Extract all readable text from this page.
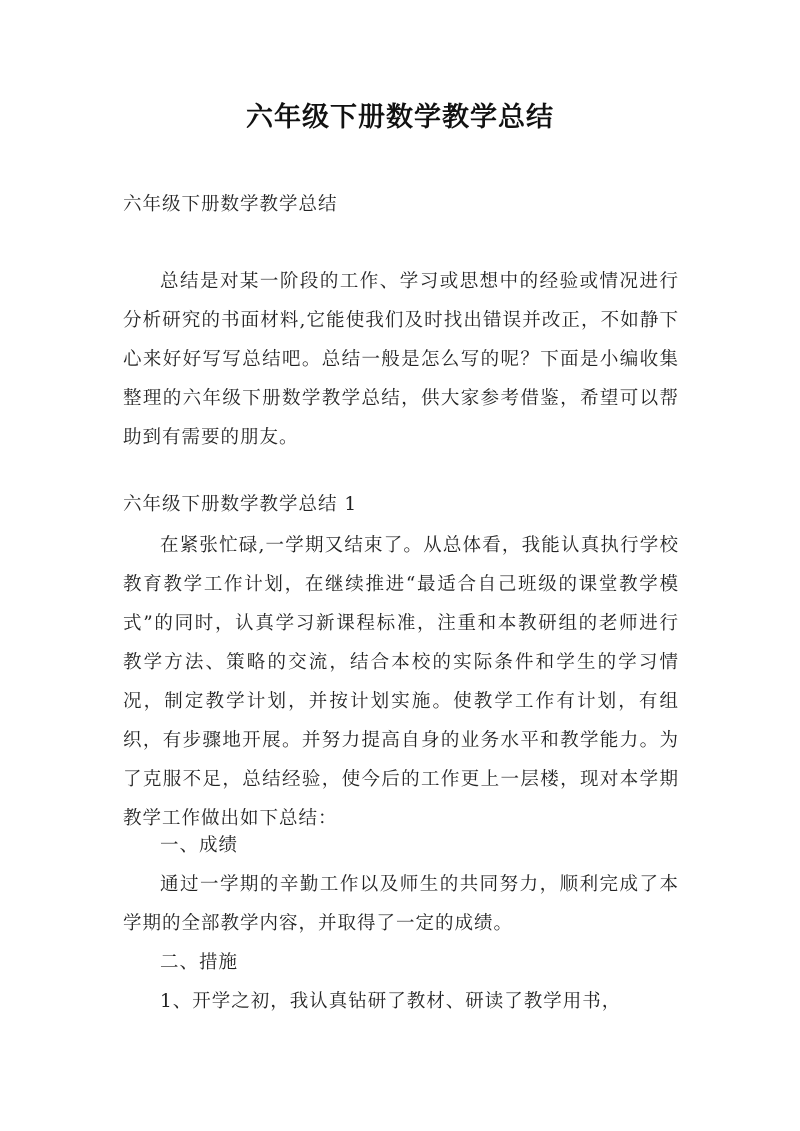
六年级下册数学教学总结

六年级下册数学教学总结

总结是对某一阶段的工作、学习或思想中的经验或情况进行分析研究的书面材料,它能使我们及时找出错误并改正，不如静下心来好好写写总结吧。总结一般是怎么写的呢？下面是小编收集整理的六年级下册数学教学总结，供大家参考借鉴，希望可以帮助到有需要的朋友。

六年级下册数学教学总结 1

在紧张忙碌,一学期又结束了。从总体看，我能认真执行学校教育教学工作计划，在继续推进“最适合自己班级的课堂教学模式”的同时，认真学习新课程标准，注重和本教研组的老师进行教学方法、策略的交流，结合本校的实际条件和学生的学习情况，制定教学计划，并按计划实施。使教学工作有计划，有组织，有步骤地开展。并努力提高自身的业务水平和教学能力。为了克服不足，总结经验，使今后的工作更上一层楼，现对本学期教学工作做出如下总结：

一、成绩

通过一学期的辛勤工作以及师生的共同努力，顺利完成了本学期的全部教学内容，并取得了一定的成绩。

二、措施

1、开学之初，我认真钻研了教材、研读了教学用书，
